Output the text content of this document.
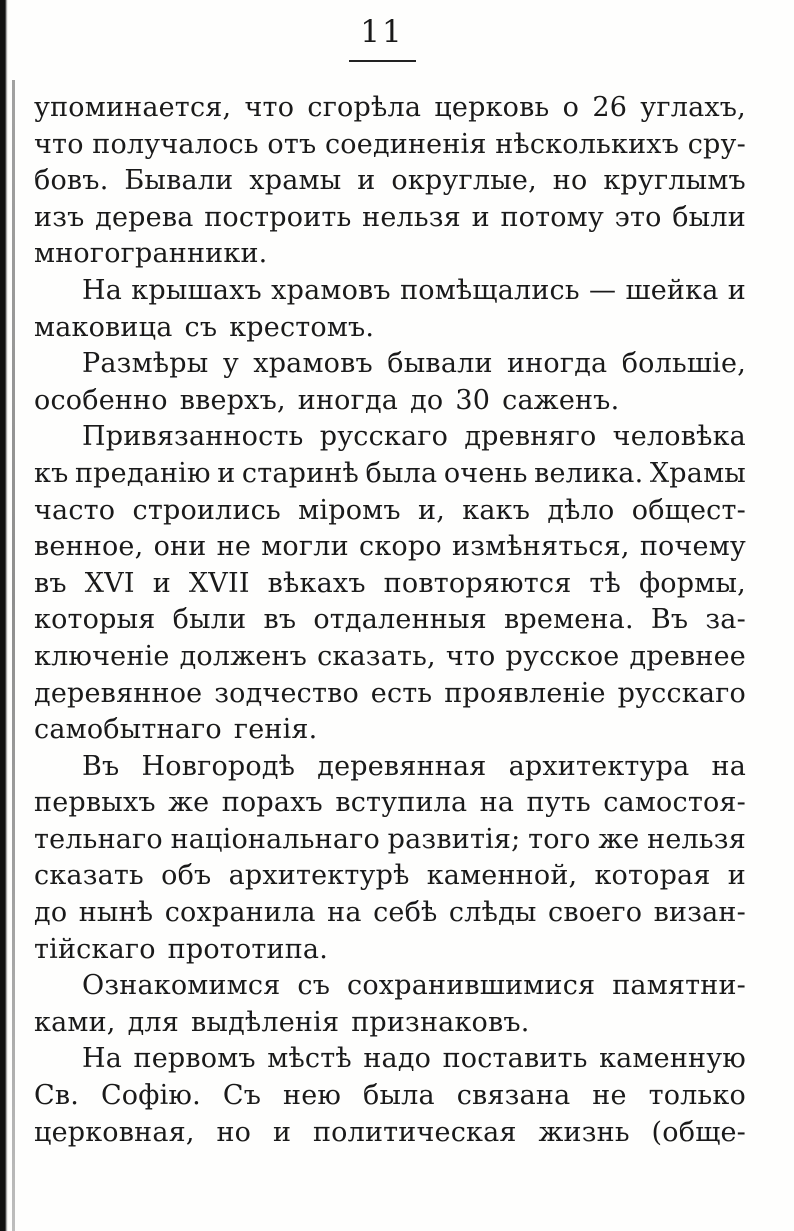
11
упоминается, что сгорѣла церковь о 26 углахъ,
что получалось отъ соединенія нѣсколькихъ сру-
бовъ. Бывали храмы и округлые, но круглымъ
изъ дерева построить нельзя и потому это были
многогранники.
На крышахъ храмовъ помѣщались — шейка и
маковица съ крестомъ.
Размѣры у храмовъ бывали иногда большіе,
особенно вверхъ, иногда до 30 саженъ.
Привязанность русскаго древняго человѣка
къ преданію и старинѣ была очень велика. Храмы
часто строились міромъ и, какъ дѣло общест-
венное, они не могли скоро измѣняться, почему
въ XVI и XVII вѣкахъ повторяются тѣ формы,
которыя были въ отдаленныя времена. Въ за-
ключеніе долженъ сказать, что русское древнее
деревянное зодчество есть проявленіе русскаго
самобытнаго генія.
Въ Новгородѣ деревянная архитектура на
первыхъ же порахъ вступила на путь самостоя-
тельнаго національнаго развитія; того же нельзя
сказать объ архитектурѣ каменной, которая и
до нынѣ сохранила на себѣ слѣды своего визан-
тійскаго прототипа.
Ознакомимся съ сохранившимися памятни-
ками, для выдѣленія признаковъ.
На первомъ мѣстѣ надо поставить каменную
Св. Софію. Съ нею была связана не только
церковная, но и политическая жизнь (обще-
